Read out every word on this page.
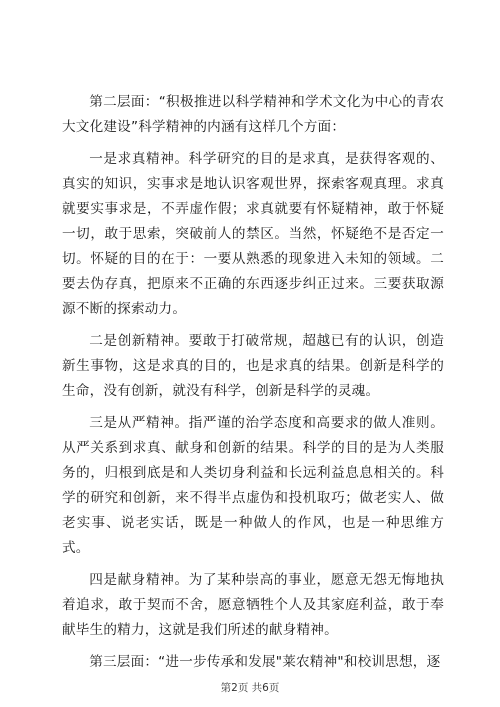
第二层面：“积极推进以科学精神和学术文化为中心的青农大文化建设”科学精神的内涵有这样几个方面：

一是求真精神。科学研究的目的是求真，是获得客观的、真实的知识，实事求是地认识客观世界，探索客观真理。求真就要实事求是，不弄虚作假；求真就要有怀疑精神，敢于怀疑一切，敢于思索，突破前人的禁区。当然，怀疑绝不是否定一切。怀疑的目的在于：一要从熟悉的现象进入未知的领域。二要去伪存真，把原来不正确的东西逐步纠正过来。三要获取源源不断的探索动力。

二是创新精神。要敢于打破常规，超越已有的认识，创造新生事物，这是求真的目的，也是求真的结果。创新是科学的生命，没有创新，就没有科学，创新是科学的灵魂。

三是从严精神。指严谨的治学态度和高要求的做人准则。从严关系到求真、献身和创新的结果。科学的目的是为人类服务的，归根到底是和人类切身利益和长远利益息息相关的。科学的研究和创新，来不得半点虚伪和投机取巧；做老实人、做老实事、说老实话，既是一种做人的作风，也是一种思维方式。

四是献身精神。为了某种崇高的事业，愿意无怨无悔地执着追求，敢于契而不舍，愿意牺牲个人及其家庭利益，敢于奉献毕生的精力，这就是我们所述的献身精神。

第三层面：“进一步传承和发展"莱农精神"和校训思想，逐

第2页 共6页
